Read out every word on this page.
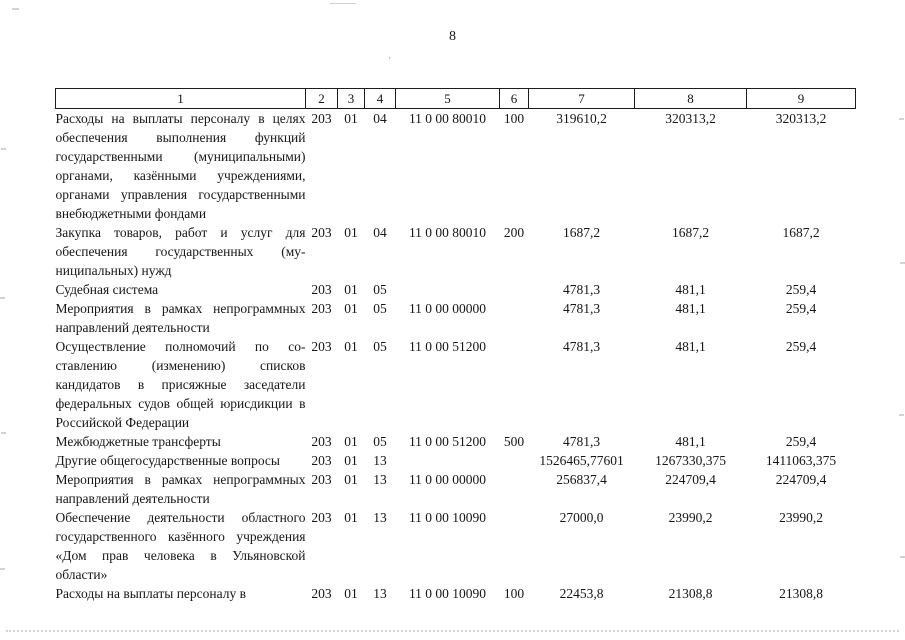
8
1	2	3	4	5	6	7	8	9
Расходы на выплаты персоналу в целях обеспечения выполнения функций государственными (муниципальными) органами, казёнными учреждениями, органами управления государственными внебюджетными фондами	203	01	04	11 0 00 80010	100	319610,2	320313,2	320313,2
Закупка товаров, работ и услуг для обеспечения государственных (муниципальных) нужд	203	01	04	11 0 00 80010	200	1687,2	1687,2	1687,2
Судебная система	203	01	05			4781,3	481,1	259,4
Мероприятия в рамках непрограммных направлений деятельности	203	01	05	11 0 00 00000		4781,3	481,1	259,4
Осуществление полномочий по составлению (изменению) списков кандидатов в присяжные заседатели федеральных судов общей юрисдикции в Российской Федерации	203	01	05	11 0 00 51200		4781,3	481,1	259,4
Межбюджетные трансферты	203	01	05	11 0 00 51200	500	4781,3	481,1	259,4
Другие общегосударственные вопросы	203	01	13			1526465,77601	1267330,375	1411063,375
Мероприятия в рамках непрограммных направлений деятельности	203	01	13	11 0 00 00000		256837,4	224709,4	224709,4
Обеспечение деятельности областного государственного казённого учреждения «Дом прав человека в Ульяновской области»	203	01	13	11 0 00 10090		27000,0	23990,2	23990,2
Расходы на выплаты персоналу в	203	01	13	11 0 00 10090	100	22453,8	21308,8	21308,8
’
